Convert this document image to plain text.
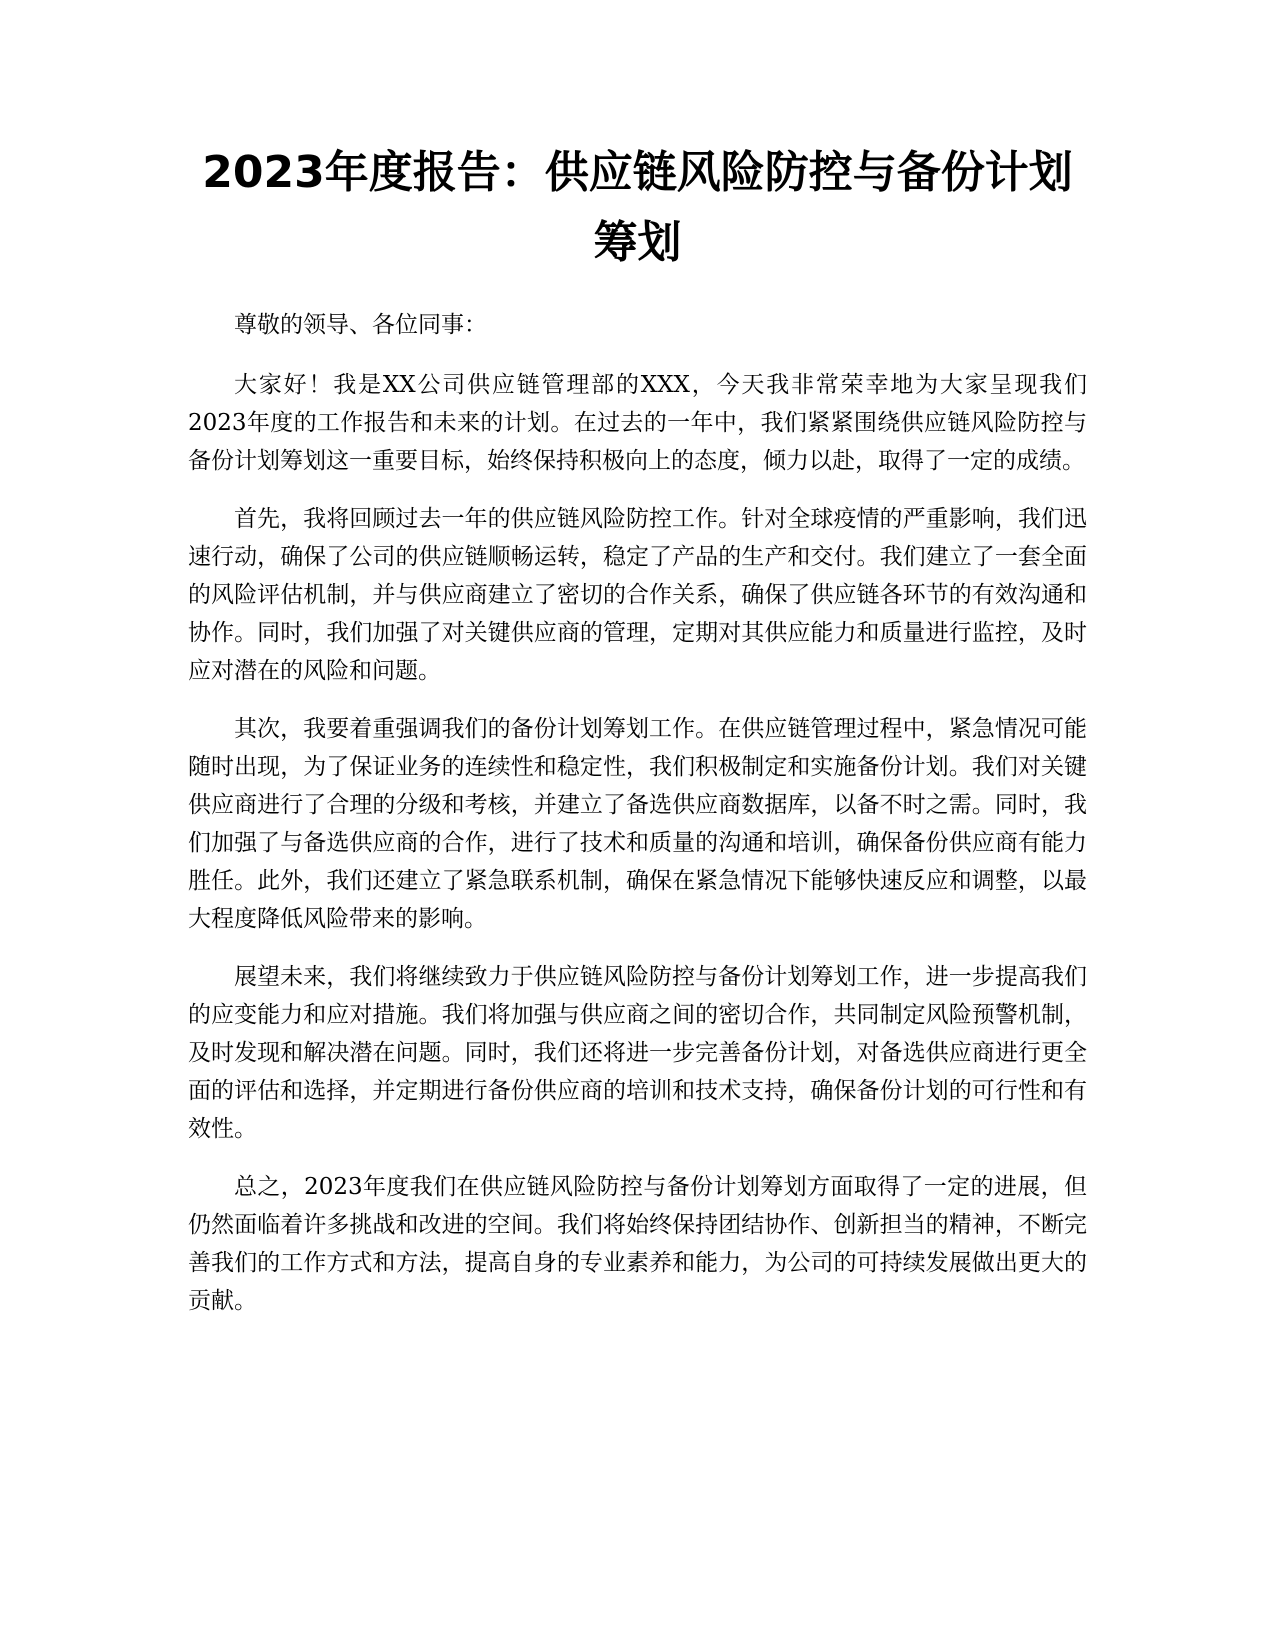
2023年度报告：供应链风险防控与备份计划
筹划

尊敬的领导、各位同事：

大家好！我是XX公司供应链管理部的XXX，今天我非常荣幸地为大家呈现我们2023年度的工作报告和未来的计划。在过去的一年中，我们紧紧围绕供应链风险防控与备份计划筹划这一重要目标，始终保持积极向上的态度，倾力以赴，取得了一定的成绩。

首先，我将回顾过去一年的供应链风险防控工作。针对全球疫情的严重影响，我们迅速行动，确保了公司的供应链顺畅运转，稳定了产品的生产和交付。我们建立了一套全面的风险评估机制，并与供应商建立了密切的合作关系，确保了供应链各环节的有效沟通和协作。同时，我们加强了对关键供应商的管理，定期对其供应能力和质量进行监控，及时应对潜在的风险和问题。

其次，我要着重强调我们的备份计划筹划工作。在供应链管理过程中，紧急情况可能随时出现，为了保证业务的连续性和稳定性，我们积极制定和实施备份计划。我们对关键供应商进行了合理的分级和考核，并建立了备选供应商数据库，以备不时之需。同时，我们加强了与备选供应商的合作，进行了技术和质量的沟通和培训，确保备份供应商有能力胜任。此外，我们还建立了紧急联系机制，确保在紧急情况下能够快速反应和调整，以最大程度降低风险带来的影响。

展望未来，我们将继续致力于供应链风险防控与备份计划筹划工作，进一步提高我们的应变能力和应对措施。我们将加强与供应商之间的密切合作，共同制定风险预警机制，及时发现和解决潜在问题。同时，我们还将进一步完善备份计划，对备选供应商进行更全面的评估和选择，并定期进行备份供应商的培训和技术支持，确保备份计划的可行性和有效性。

总之，2023年度我们在供应链风险防控与备份计划筹划方面取得了一定的进展，但仍然面临着许多挑战和改进的空间。我们将始终保持团结协作、创新担当的精神，不断完善我们的工作方式和方法，提高自身的专业素养和能力，为公司的可持续发展做出更大的贡献。
